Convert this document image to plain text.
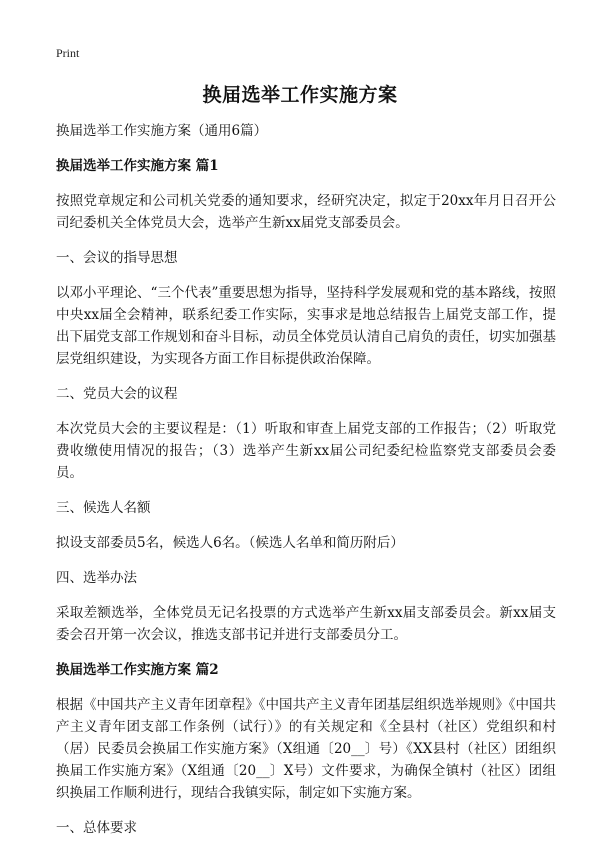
Print
换届选举工作实施方案

换届选举工作实施方案（通用6篇）

换届选举工作实施方案 篇1

按照党章规定和公司机关党委的通知要求，经研究决定，拟定于20xx年月日召开公司纪委机关全体党员大会，选举产生新xx届党支部委员会。

一、会议的指导思想

以邓小平理论、“三个代表”重要思想为指导，坚持科学发展观和党的基本路线，按照中央xx届全会精神，联系纪委工作实际，实事求是地总结报告上届党支部工作，提出下届党支部工作规划和奋斗目标，动员全体党员认清自己肩负的责任，切实加强基层党组织建设，为实现各方面工作目标提供政治保障。

二、党员大会的议程

本次党员大会的主要议程是：（1）听取和审查上届党支部的工作报告；（2）听取党费收缴使用情况的报告；（3）选举产生新xx届公司纪委纪检监察党支部委员会委员。

三、候选人名额

拟设支部委员5名，候选人6名。（候选人名单和简历附后）

四、选举办法

采取差额选举，全体党员无记名投票的方式选举产生新xx届支部委员会。新xx届支委会召开第一次会议，推选支部书记并进行支部委员分工。

换届选举工作实施方案 篇2

根据《中国共产主义青年团章程》《中国共产主义青年团基层组织选举规则》《中国共产主义青年团支部工作条例（试行）》的有关规定和《全县村（社区）党组织和村（居）民委员会换届工作实施方案》（X组通〔20__〕号）《XX县村（社区）团组织换届工作实施方案》（X组通〔20__〕X号）文件要求，为确保全镇村（社区）团组织换届工作顺利进行，现结合我镇实际，制定如下实施方案。

一、总体要求
